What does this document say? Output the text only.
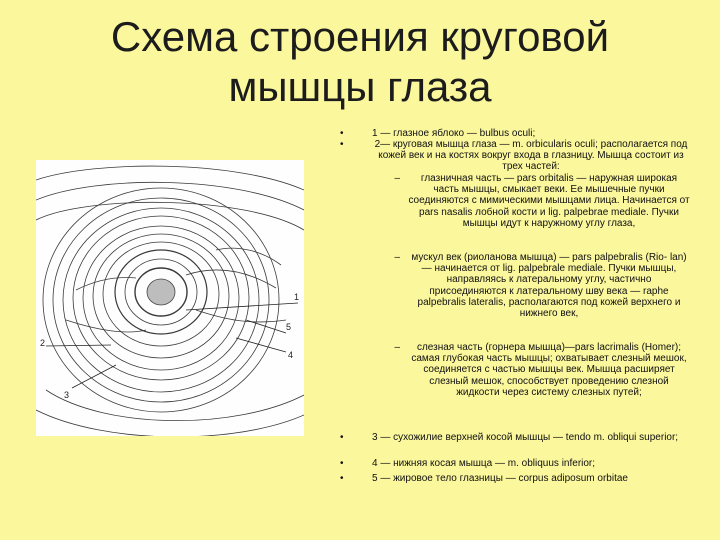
Схема строения круговой
мышцы глаза
1
2
3
4
5
•	1 — глазное яблоко — bulbus oculi;
•	2— круговая мышца глаза — m. orbicularis oculi; располагается под кожей век и на костях вокруг входа в глазницу. Мышца состоит из трех частей:
–	глазничная часть — pars orbitalis — наружная широкая часть мышцы, смыкает веки. Ее мышечные пучки соединяются с мимическими мышцами лица. Начинается от pars nasalis лобной кости и lig. palpebrae mediale. Пучки мышцы идут к наружному углу глаза,
–	мускул век (риоланова мышца) — pars palpebralis (Rio- lan) — начинается от lig. palpebrale mediale. Пучки мышцы, направляясь к латеральному углу, частично присоединяются к латеральному шву века — raphe palpebralis lateralis, располагаются под кожей верхнего и нижнего век,
–	слезная часть (горнера мышца)—pars lacrimalis (Homer); самая глубокая часть мышцы; охватывает слезный мешок, соединяется с частью мышцы век. Мышца расширяет слезный мешок, способствует проведению слезной жидкости через систему слезных путей;
•	3 — сухожилие верхней косой мышцы — tendo m. obliqui superior;
•	4 — нижняя косая мышца — m. obliquus inferior;
•	5 — жировое тело глазницы — corpus adiposum orbitae
